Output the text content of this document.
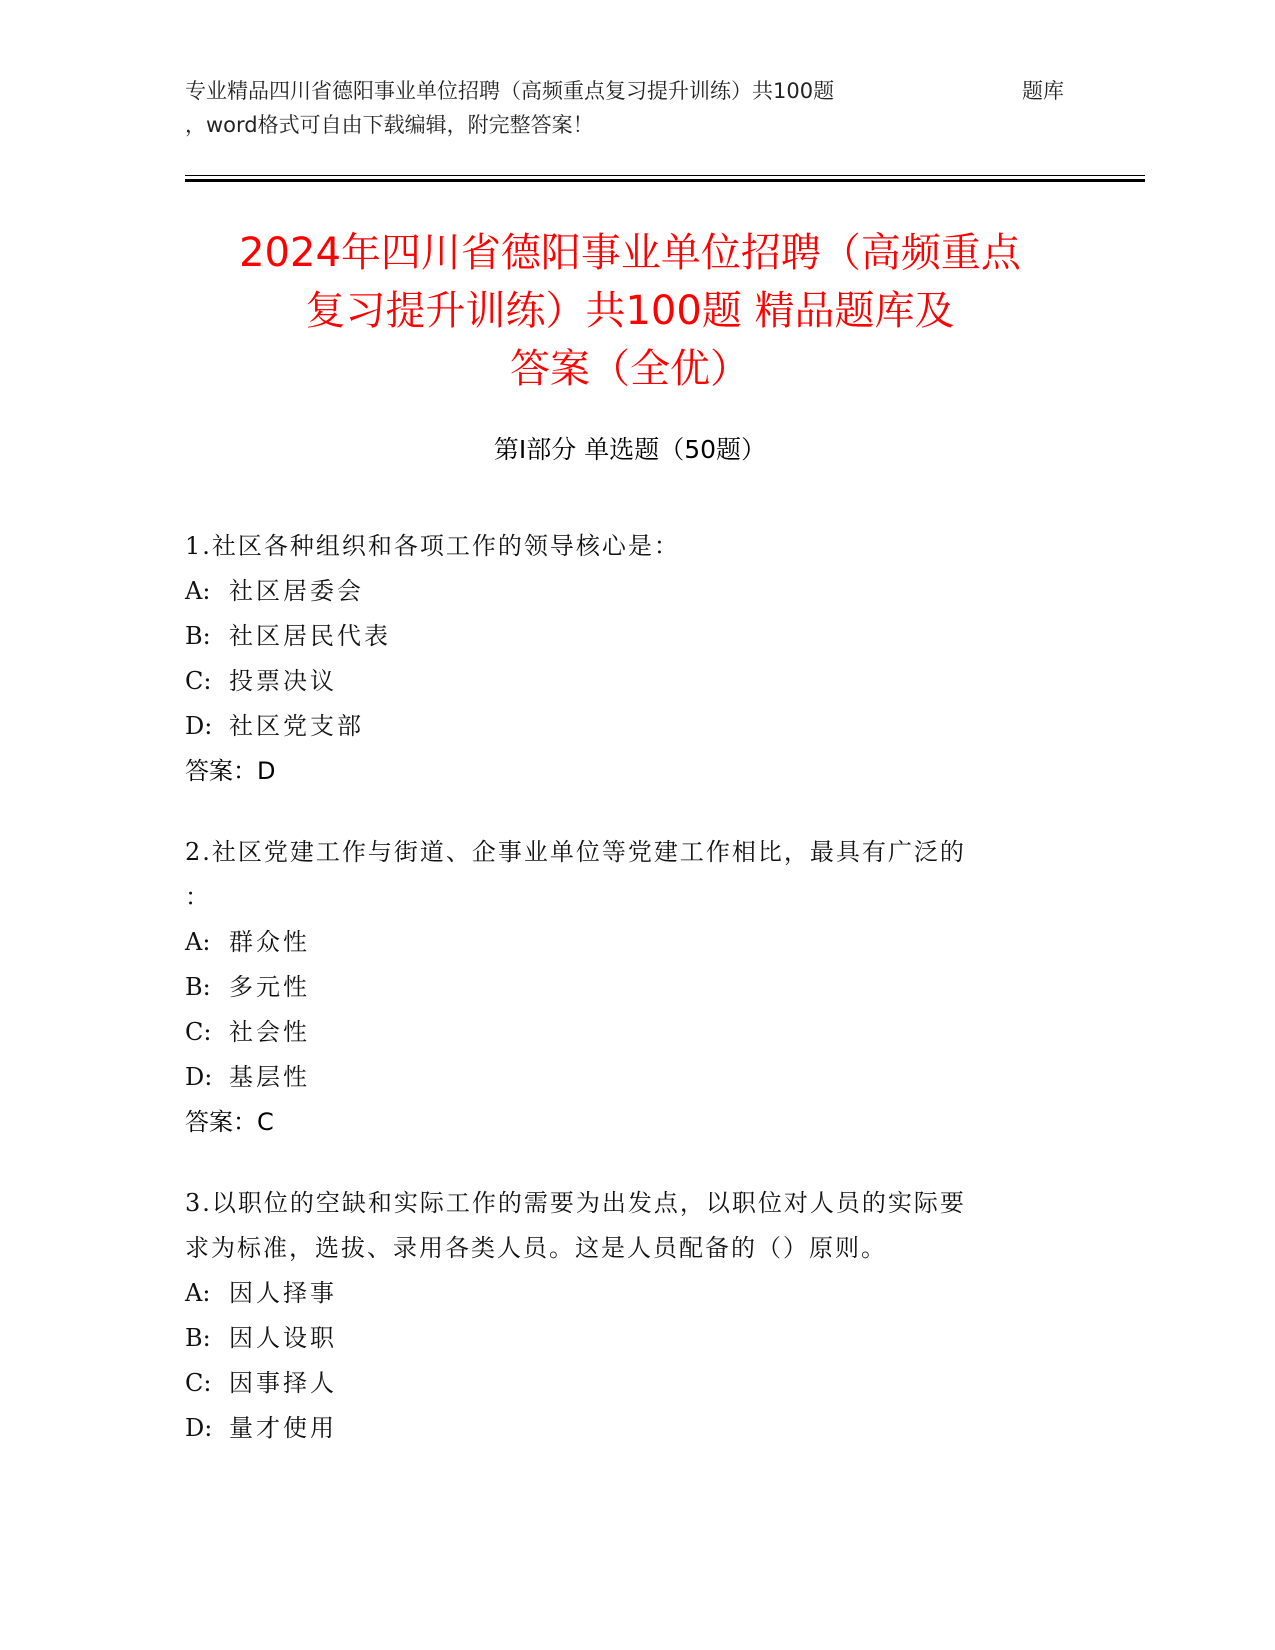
专业精品四川省德阳事业单位招聘（高频重点复习提升训练）共100题	题库
，word格式可自由下载编辑，附完整答案！
2024年四川省德阳事业单位招聘（高频重点
复习提升训练）共100题 精品题库及
答案（全优）
第Ⅰ部分 单选题（50题）
1.社区各种组织和各项工作的领导核心是：
A: 社区居委会
B: 社区居民代表
C: 投票决议
D: 社区党支部
答案：D
2.社区党建工作与街道、企事业单位等党建工作相比，最具有广泛的
：
A: 群众性
B: 多元性
C: 社会性
D: 基层性
答案：C
3.以职位的空缺和实际工作的需要为出发点，以职位对人员的实际要
求为标准，选拔、录用各类人员。这是人员配备的（）原则。
A: 因人择事
B: 因人设职
C: 因事择人
D: 量才使用
